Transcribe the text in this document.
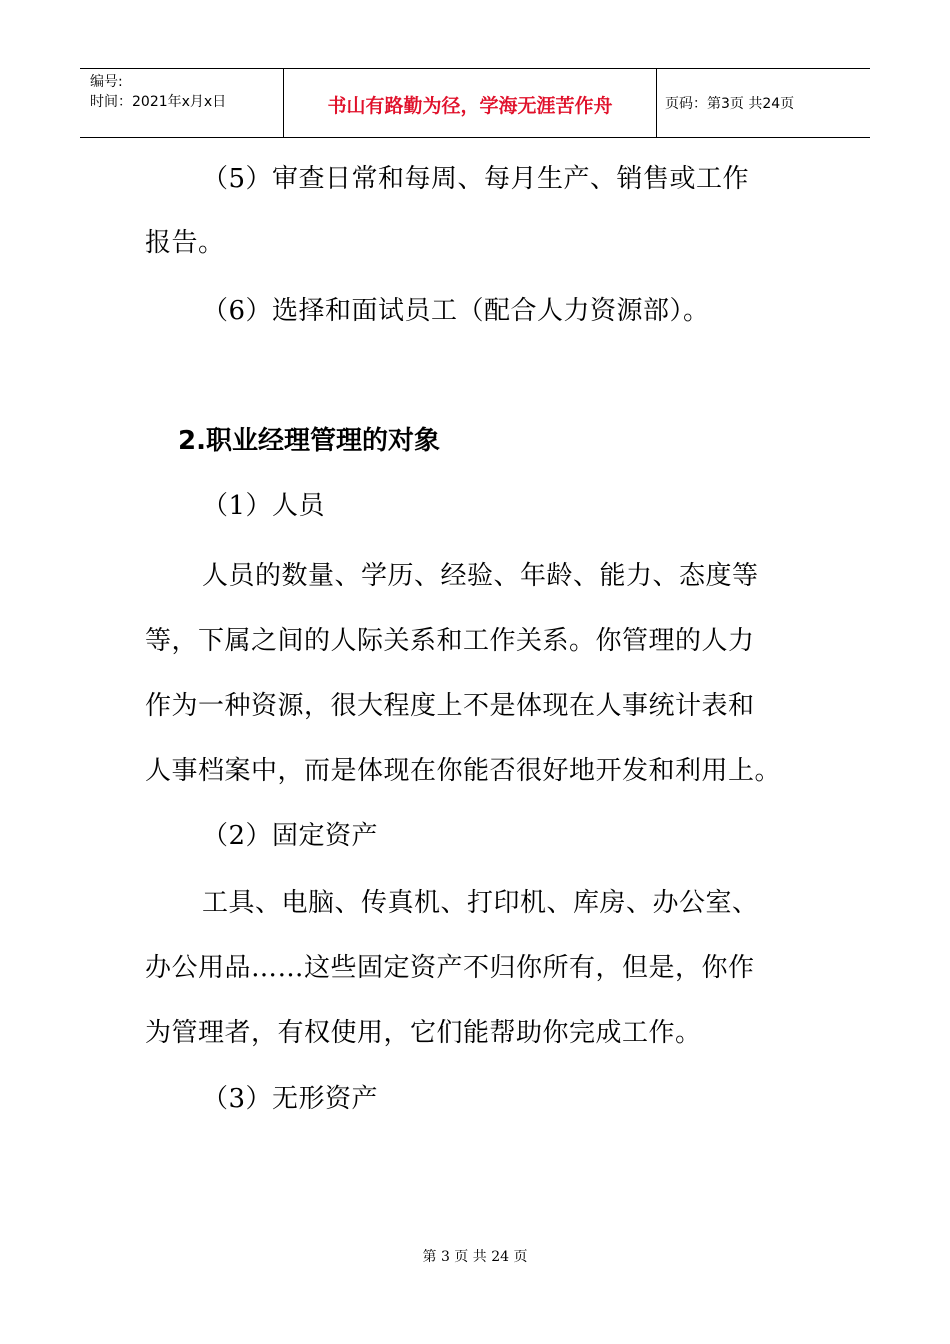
编号:
时间：2021年x月x日	书山有路勤为径，学海无涯苦作舟	页码：第3页 共24页
（5）审查日常和每周、每月生产、销售或工作
报告。
（6）选择和面试员工（配合人力资源部）。
2.职业经理管理的对象
（1）人员
人员的数量、学历、经验、年龄、能力、态度等
等，下属之间的人际关系和工作关系。你管理的人力
作为一种资源，很大程度上不是体现在人事统计表和
人事档案中，而是体现在你能否很好地开发和利用上。
（2）固定资产
工具、电脑、传真机、打印机、库房、办公室、
办公用品……这些固定资产不归你所有，但是，你作
为管理者，有权使用，它们能帮助你完成工作。
（3）无形资产
第 3 页 共 24 页
